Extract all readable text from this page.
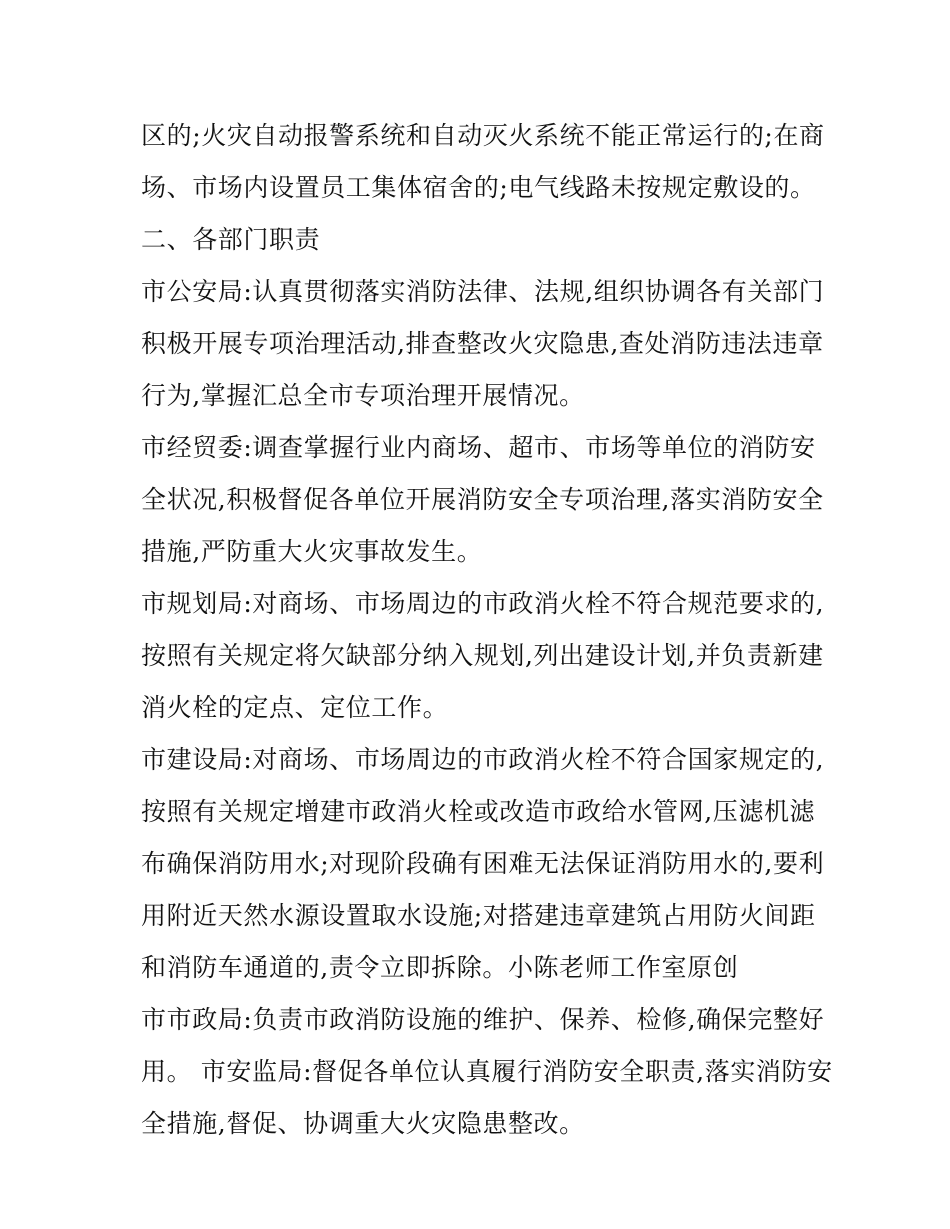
区的;火灾自动报警系统和自动灭火系统不能正常运行的;在商
场、市场内设置员工集体宿舍的;电气线路未按规定敷设的。
二、各部门职责
市公安局:认真贯彻落实消防法律、法规,组织协调各有关部门
积极开展专项治理活动,排查整改火灾隐患,查处消防违法违章
行为,掌握汇总全市专项治理开展情况。
市经贸委:调查掌握行业内商场、超市、市场等单位的消防安
全状况,积极督促各单位开展消防安全专项治理,落实消防安全
措施,严防重大火灾事故发生。
市规划局:对商场、市场周边的市政消火栓不符合规范要求的,
按照有关规定将欠缺部分纳入规划,列出建设计划,并负责新建
消火栓的定点、定位工作。
市建设局:对商场、市场周边的市政消火栓不符合国家规定的,
按照有关规定增建市政消火栓或改造市政给水管网,压滤机滤
布确保消防用水;对现阶段确有困难无法保证消防用水的,要利
用附近天然水源设置取水设施;对搭建违章建筑占用防火间距
和消防车通道的,责令立即拆除。小陈老师工作室原创
市市政局:负责市政消防设施的维护、保养、检修,确保完整好
用。 市安监局:督促各单位认真履行消防安全职责,落实消防安
全措施,督促、协调重大火灾隐患整改。
